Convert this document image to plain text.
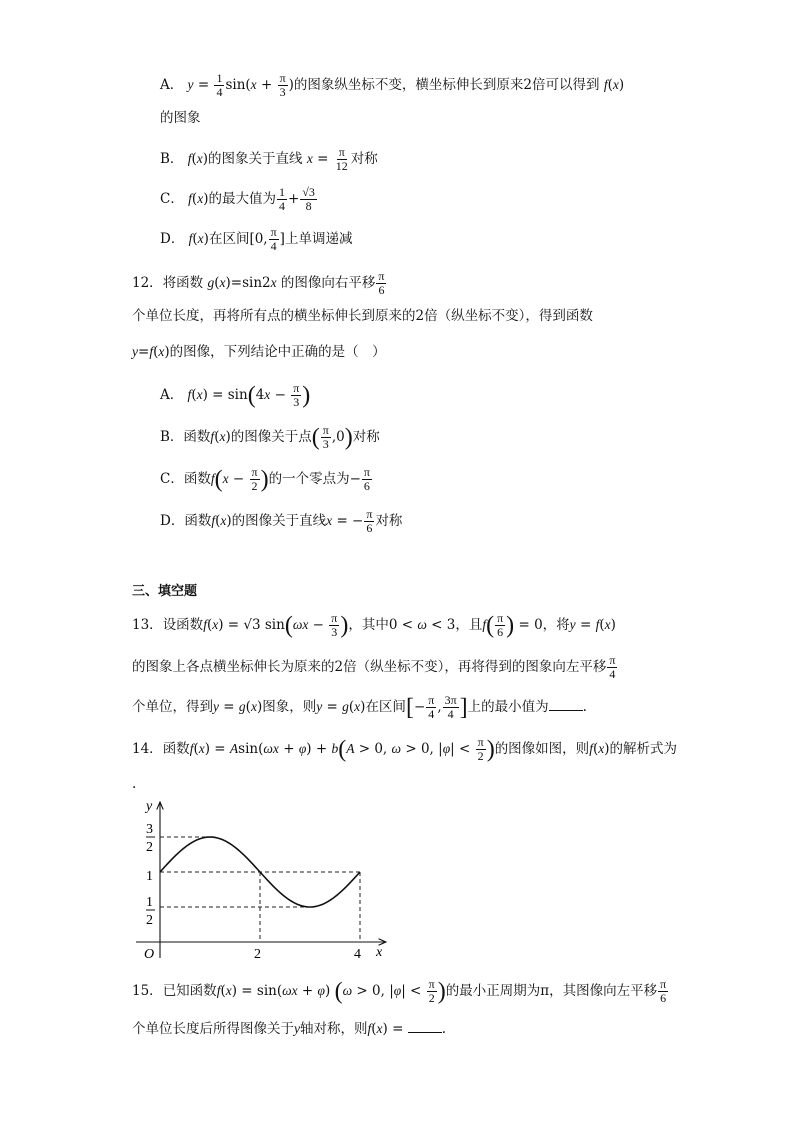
A． $y = \frac{1}{4} \sin(x + \frac{\pi}{3}$ )的图象纵坐标不变，横坐标伸长到原来2倍可以得到 f(x)
的图象
B． f(x)的图象关于直线 $x = \frac{\pi}{12}$ 对称
C． f(x)的最大值为 $\frac{1}{4} + \frac{√3}{8}$
D． f(x)在区间[0, $\frac{\pi}{4}$ ]上单调递减
12．将函数 g(x)=sin2x 的图像向右平移 $\frac{\pi}{6}$
个单位长度，再将所有点的横坐标伸长到原来的2倍（纵坐标不变），得到函数
y=f(x)的图像，下列结论中正确的是（　）
A． $f(x) = \sin(4x - \frac{\pi}{3}$ )
B．函数f(x)的图像关于点( $\frac{\pi}{3} ,0$)对称
C．函数$f(x - \frac{\pi}{2}$ )的一个零点为− $\frac{\pi}{6}$
D．函数f(x)的图像关于直线x = − $\frac{\pi}{6}$ 对称
三、填空题
13．设函数f(x) = √3 $\sin(\omega x - \frac{\pi}{3}$ )，其中0 < ω < 3，且$f( \frac{\pi}{6}$ ) = 0，将y = f(x)
的图象上各点横坐标伸长为原来的2倍（纵坐标不变），再将得到的图象向左平移 $\frac{\pi}{4}$
个单位，得到y = g(x)图象，则y = g(x)在区间[− $\frac{\pi}{4}$ , $\frac{3\pi}{4}$ ]上的最小值为	.
14．函数f(x) = Asin(ωx + φ) + b(A > 0, ω > 0, $|\varphi| < \frac{\pi}{2}$ )的图像如图，则f(x)的解析式为
.
y
x
O	2	4
3
2
1
1
2
15．已知函数f(x) = sin(ωx + φ) (ω > 0, $|\varphi| < \frac{\pi}{2}$ )的最小正周期为π，其图像向左平移 $\frac{\pi}{6}$
个单位长度后所得图像关于y轴对称，则f(x) =	.
